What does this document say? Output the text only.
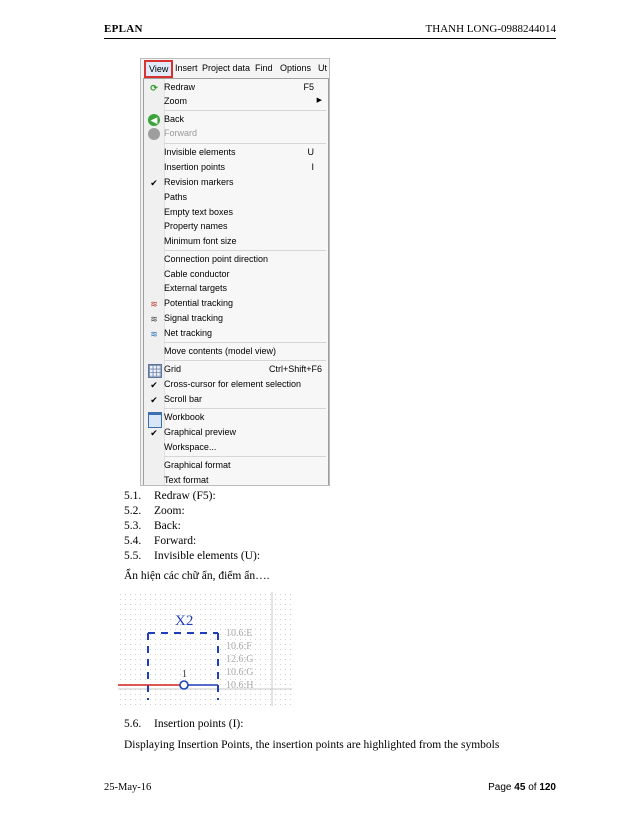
EPLAN	THANH LONG-0988244014
View Insert Project data Find Options Ut
⟳ Redraw	F5
Zoom	▶
◀ Back
Forward
Invisible elements	U
Insertion points	I
✔ Revision markers
Paths
Empty text boxes
Property names
Minimum font size
Connection point direction
Cable conductor
External targets
≋ Potential tracking
≋ Signal tracking
≋ Net tracking
Move contents (model view)
Grid	Ctrl+Shift+F6
✔ Cross-cursor for element selection
✔ Scroll bar
Workbook
✔ Graphical preview
Workspace...
Graphical format
Text format
5.1. Redraw (F5):
5.2. Zoom:
5.3. Back:
5.4. Forward:
5.5. Invisible elements (U):
Ẩn hiện các chữ ẩn, điểm ẩn….
X2
1
10.6:E
10.6:F
12.6:G
10.6:G
10.6:H
5.6. Insertion points (I):
Displaying Insertion Points, the insertion points are highlighted from the symbols
25-May-16	Page 45 of 120
